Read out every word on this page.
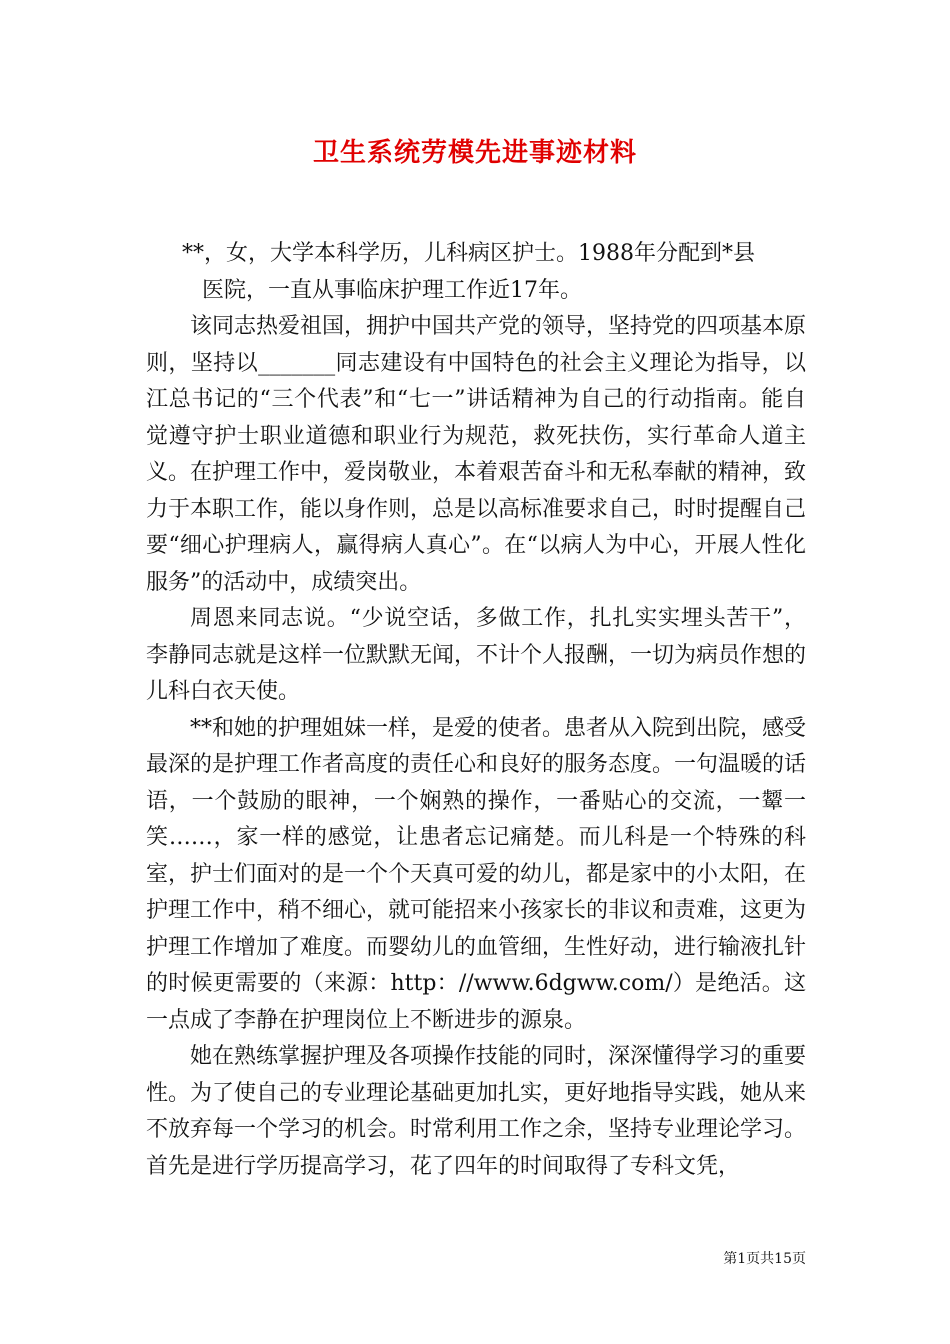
卫生系统劳模先进事迹材料

**，女，大学本科学历，儿科病区护士。1988年分配到*县

医院，一直从事临床护理工作近17年。

该同志热爱祖国，拥护中国共产党的领导，坚持党的四项基本原则，坚持以_______同志建设有中国特色的社会主义理论为指导，以江总书记的“三个代表”和“七一”讲话精神为自己的行动指南。能自觉遵守护士职业道德和职业行为规范，救死扶伤，实行革命人道主义。在护理工作中，爱岗敬业，本着艰苦奋斗和无私奉献的精神，致力于本职工作，能以身作则，总是以高标准要求自己，时时提醒自己要“细心护理病人，赢得病人真心”。在“以病人为中心，开展人性化服务”的活动中，成绩突出。

周恩来同志说。“少说空话，多做工作，扎扎实实埋头苦干”，李静同志就是这样一位默默无闻，不计个人报酬，一切为病员作想的儿科白衣天使。

**和她的护理姐妹一样，是爱的使者。患者从入院到出院，感受最深的是护理工作者高度的责任心和良好的服务态度。一句温暖的话语，一个鼓励的眼神，一个娴熟的操作，一番贴心的交流，一颦一笑……，家一样的感觉，让患者忘记痛楚。而儿科是一个特殊的科室，护士们面对的是一个个天真可爱的幼儿，都是家中的小太阳，在护理工作中，稍不细心，就可能招来小孩家长的非议和责难，这更为护理工作增加了难度。而婴幼儿的血管细，生性好动，进行输液扎针的时候更需要的（来源：http：//www.6dgww.com/）是绝活。这一点成了李静在护理岗位上不断进步的源泉。

她在熟练掌握护理及各项操作技能的同时，深深懂得学习的重要性。为了使自己的专业理论基础更加扎实，更好地指导实践，她从来不放弃每一个学习的机会。时常利用工作之余，坚持专业理论学习。首先是进行学历提高学习，花了四年的时间取得了专科文凭，

第1页共15页
